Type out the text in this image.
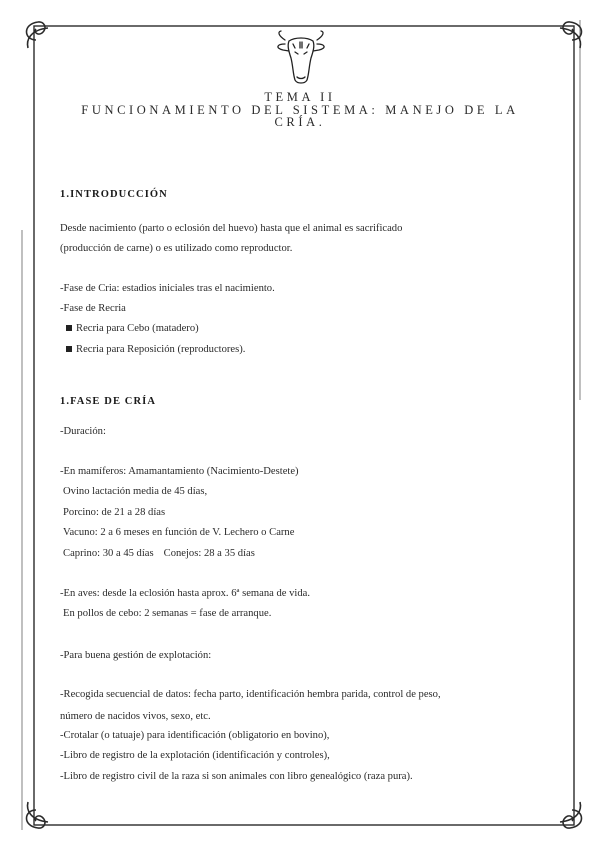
TEMA II
FUNCIONAMIENTO DEL SISTEMA: MANEJO DE LA
CRÍA.
1.INTRODUCCIÓN
Desde nacimiento (parto o eclosión del huevo) hasta que el animal es sacrificado
(producción de carne) o es utilizado como reproductor.
-Fase de Cria: estadios iniciales tras el nacimiento.
-Fase de Recria
Recria para Cebo (matadero)
Recria para Reposición (reproductores).
1.FASE DE CRÍA
-Duración:
-En mamíferos: Amamantamiento (Nacimiento-Destete)
Ovino lactación media de 45 días,
Porcino: de 21 a 28 días
Vacuno: 2 a 6 meses en función de V. Lechero o Carne
Caprino: 30 a 45 días Conejos: 28 a 35 días
-En aves: desde la eclosión hasta aprox. 6ª semana de vida.
En pollos de cebo: 2 semanas = fase de arranque.
-Para buena gestión de explotación:
-Recogida secuencial de datos: fecha parto, identificación hembra parida, control de peso,
número de nacidos vivos, sexo, etc.
-Crotalar (o tatuaje) para identificación (obligatorio en bovino),
-Libro de registro de la explotación (identificación y controles),
-Libro de registro civil de la raza si son animales con libro genealógico (raza pura).
